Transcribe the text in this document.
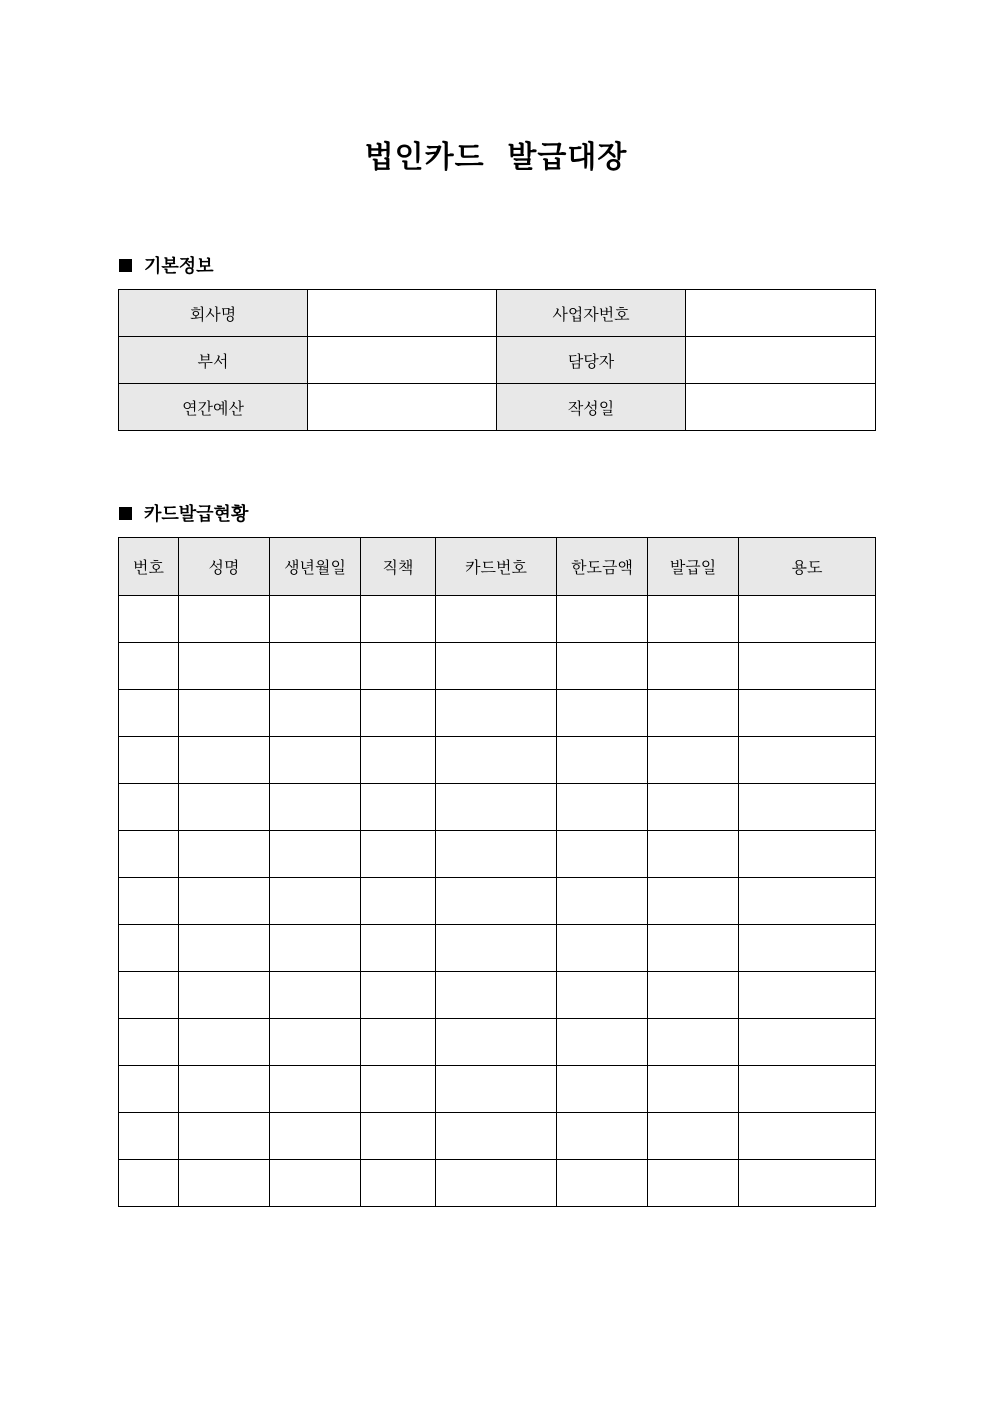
법인카드  발급대장
기본정보
회사명		사업자번호	
부서		담당자	
연간예산		작성일	
카드발급현황
번호	성명	생년월일	직책	카드번호	한도금액	발급일	용도
